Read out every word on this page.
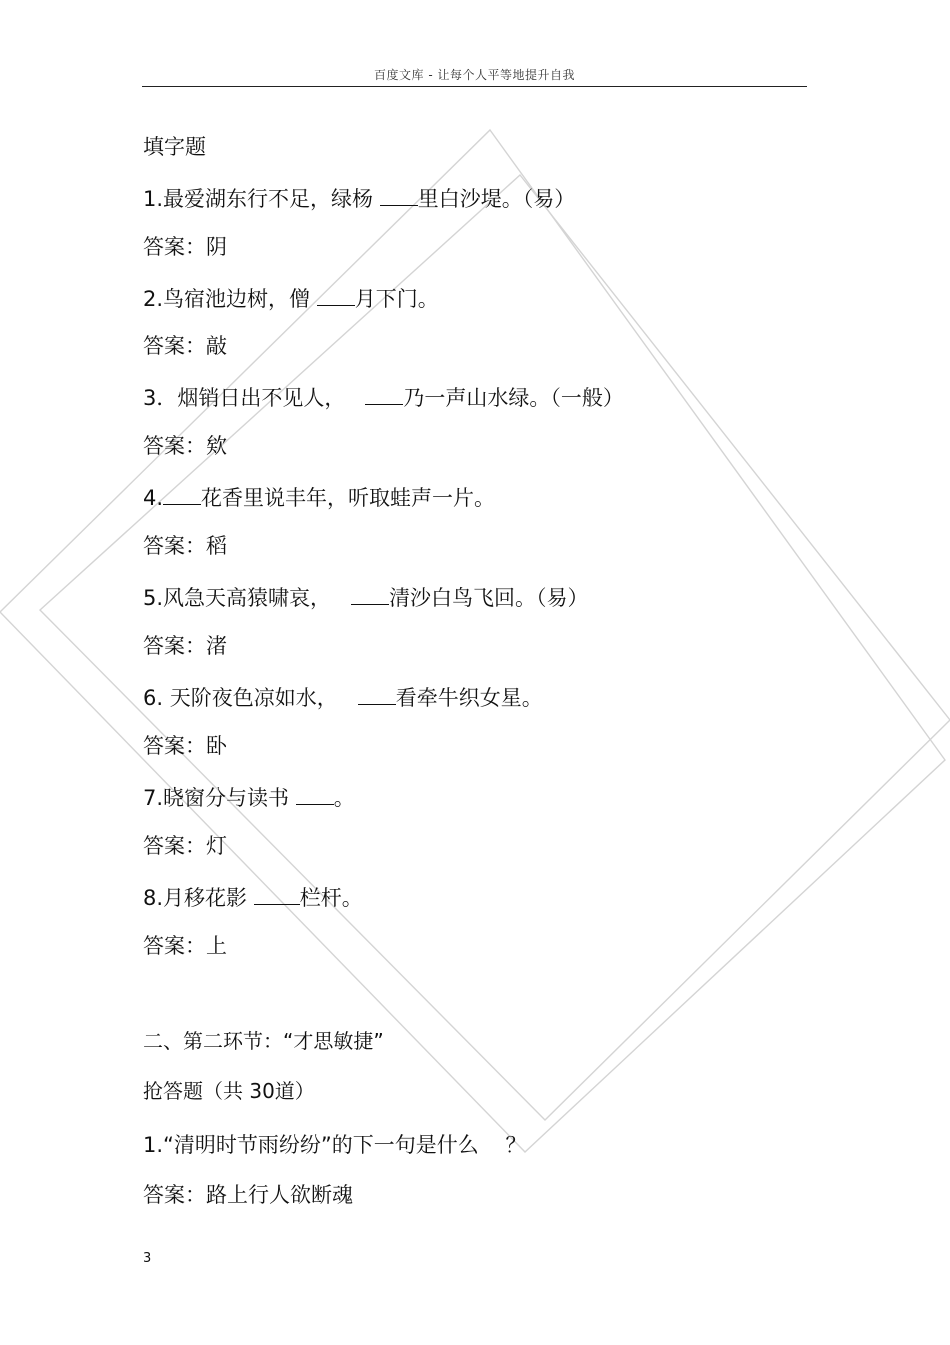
百度文库 - 让每个人平等地提升自我
填字题
1.最爱湖东行不足，绿杨 里白沙堤。（易）
答案：阴
2.鸟宿池边树，僧 月下门。
答案：敲
3．烟销日出不见人，   乃一声山水绿。（一般）
答案：欸
4. 花香里说丰年，听取蛙声一片。
答案：稻
5.风急天高猿啸哀，   清沙白鸟飞回。（易）
答案：渚
6. 天阶夜色凉如水，   看牵牛织女星。
答案：卧
7.晓窗分与读书 。
答案：灯
8.月移花影 栏杆。
答案：上
二、第二环节：“才思敏捷”
抢答题（共 30道）
1.“清明时节雨纷纷”的下一句是什么    ？
答案：路上行人欲断魂
3
